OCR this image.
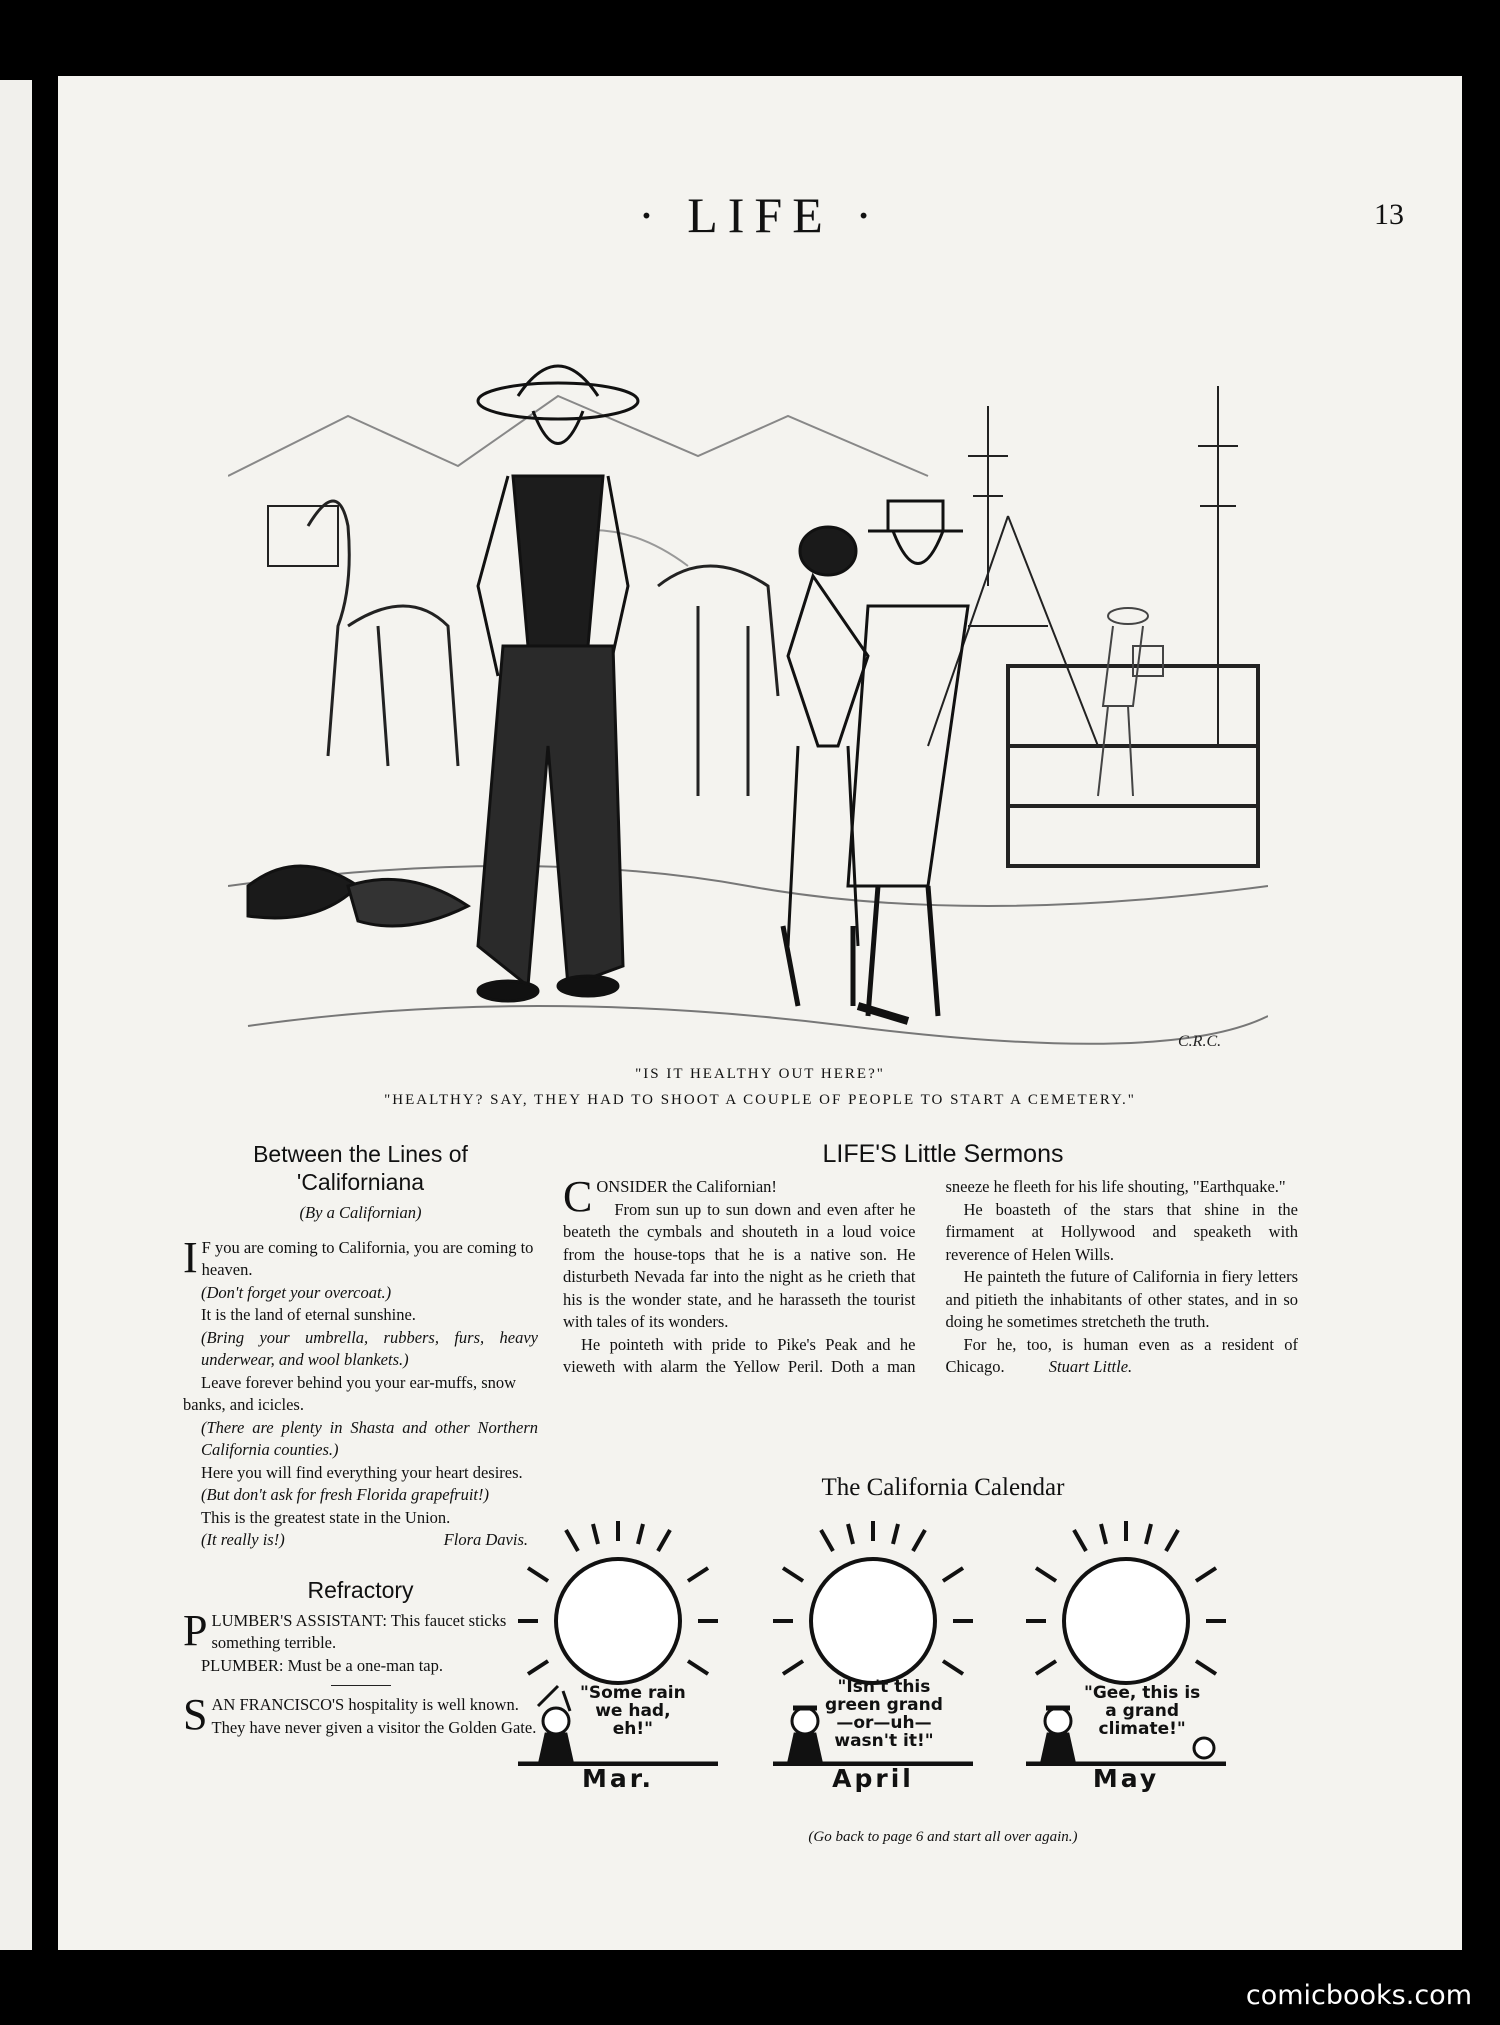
· LIFE ·	13
C.R.C.
"IS IT HEALTHY OUT HERE?"
"HEALTHY? SAY, THEY HAD TO SHOOT A COUPLE OF PEOPLE TO START A CEMETERY."
Between the Lines of
'Californiana
(By a Californian)

I F you are coming to California, you are coming to heaven.

(Don't forget your overcoat.)

It is the land of eternal sunshine.

(Bring your umbrella, rubbers, furs, heavy underwear, and wool blankets.)

Leave forever behind you your ear-muffs, snow banks, and icicles.

(There are plenty in Shasta and other Northern California counties.)

Here you will find everything your heart desires.

(But don't ask for fresh Florida grapefruit!)

This is the greatest state in the Union.

(It really is!)	Flora Davis.

Refractory

PLUMBER'S ASSISTANT: This faucet sticks something terrible.

PLUMBER: Must be a one-man tap.

SAN FRANCISCO'S hospitality is well known. They have never given a visitor the Golden Gate.

LIFE'S Little Sermons

CONSIDER the Californian!

From sun up to sun down and even after he beateth the cymbals and shouteth in a loud voice from the house-tops that he is a native son. He disturbeth Nevada far into the night as he crieth that his is the wonder state, and he harasseth the tourist with tales of its wonders.

He pointeth with pride to Pike's Peak and he vieweth with alarm the Yellow Peril. Doth a man sneeze he fleeth for his life shouting, "Earthquake."

He boasteth of the stars that shine in the firmament at Hollywood and speaketh with reverence of Helen Wills.

He painteth the future of California in fiery letters and pitieth the inhabitants of other states, and in so doing he sometimes stretcheth the truth.

For he, too, is human even as a resident of Chicago.	Stuart Little.

The California Calendar
"Some rain
we had,
eh!"
Mar.
"Isn't this
green grand
—or—uh—
wasn't it!"
April
"Gee, this is
a grand
climate!"
May
(Go back to page 6 and start all over again.)
comicbooks.com
